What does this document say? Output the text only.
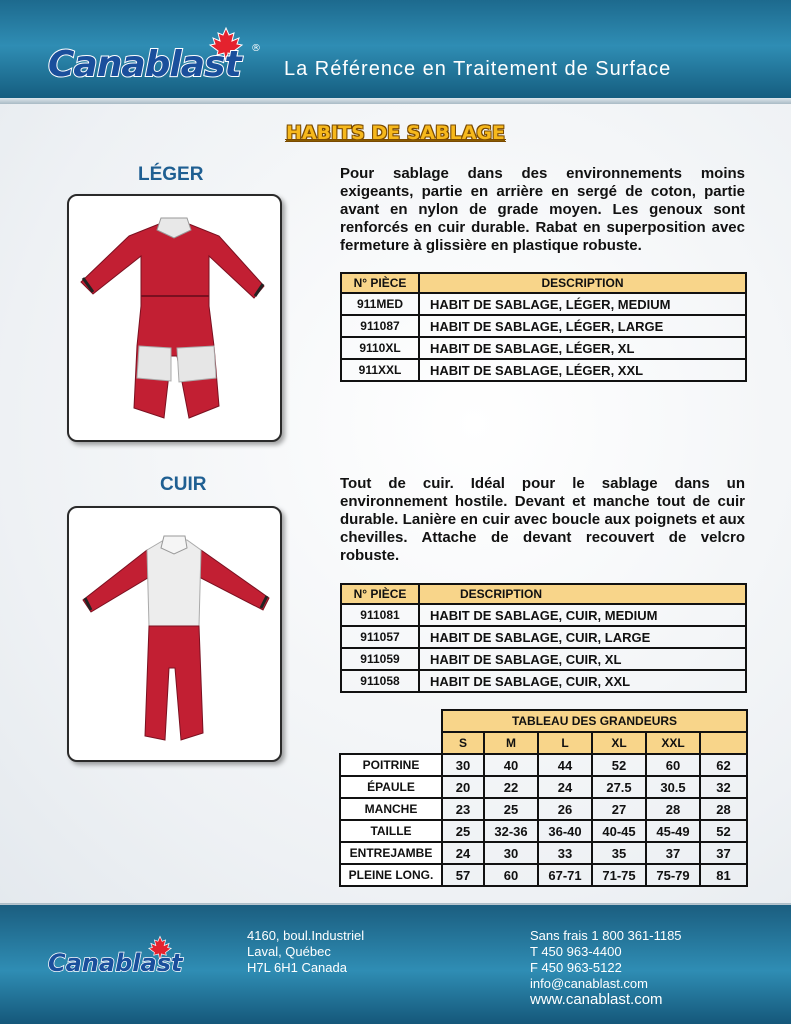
Canablast ®
La Référence en Traitement de Surface
HABITS DE SABLAGE
LÉGER	Pour sablage dans des environnements moins exigeants, partie en arrière en sergé de coton, partie avant en nylon de grade moyen. Les genoux sont renforcés en cuir durable. Rabat en superposition avec fermeture à glissière en plastique robuste.
N° PIÈCE	DESCRIPTION
911MED	HABIT DE SABLAGE, LÉGER, MEDIUM
911087	HABIT DE SABLAGE, LÉGER, LARGE
9110XL	HABIT DE SABLAGE, LÉGER, XL
911XXL	HABIT DE SABLAGE, LÉGER, XXL
CUIR	Tout de cuir. Idéal pour le sablage dans un environnement hostile. Devant et manche tout de cuir durable. Lanière en cuir avec boucle aux poignets et aux chevilles. Attache de devant recouvert de velcro robuste.
N° PIÈCE	DESCRIPTION
911081	HABIT DE SABLAGE, CUIR, MEDIUM
911057	HABIT DE SABLAGE, CUIR, LARGE
911059	HABIT DE SABLAGE, CUIR, XL
911058	HABIT DE SABLAGE, CUIR, XXL
	TABLEAU DES GRANDEURS					
	S	M	L	XL	XXL	
POITRINE	30	40	44	52	60	62
ÉPAULE	20	22	24	27.5	30.5	32
MANCHE	23	25	26	27	28	28
TAILLE	25	32-36	36-40	40-45	45-49	52
ENTREJAMBE	24	30	33	35	37	37
PLEINE LONG.	57	60	67-71	71-75	75-79	81
Canablast
4160, boul.Industriel
Laval, Québec
H7L 6H1 Canada
Sans frais 1 800 361-1185
T 450 963-4400
F 450 963-5122
info@canablast.com
www.canablast.com
